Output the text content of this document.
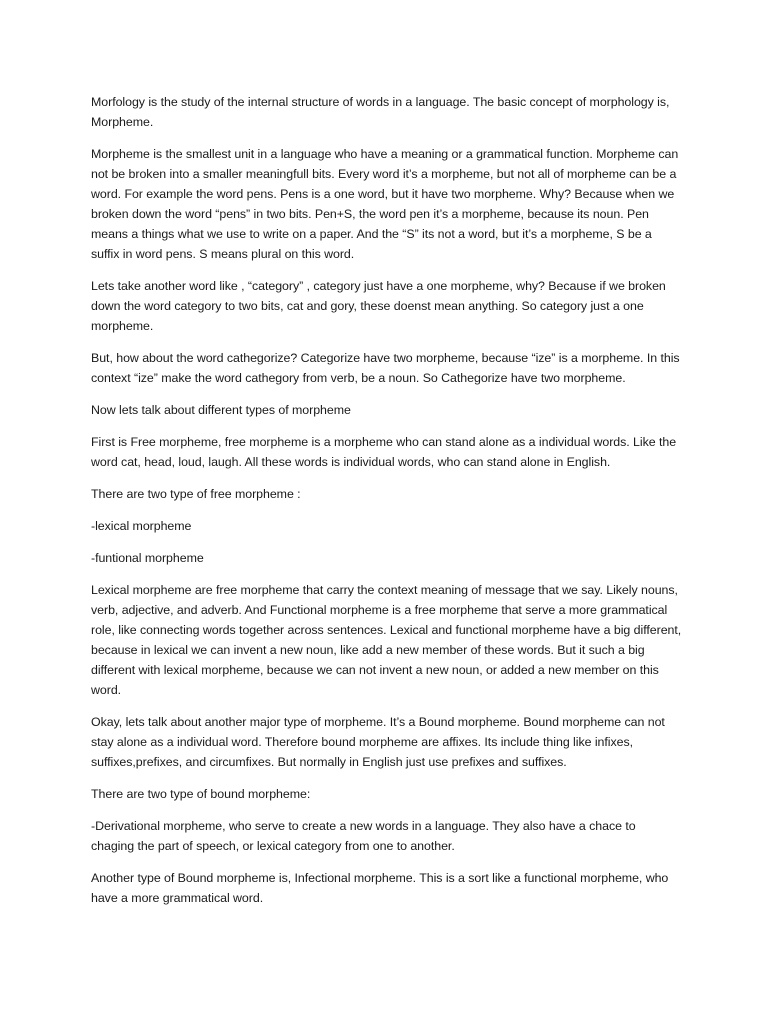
Morfology is the study of the internal structure of words in a language. The basic concept of morphology is, Morpheme.

Morpheme is the smallest unit in a language who have a meaning or a grammatical function. Morpheme can not be broken into a smaller meaningfull bits. Every word it’s a morpheme, but not all of morpheme can be a word. For example the word pens. Pens is a one word, but it have two morpheme. Why? Because when we broken down the word “pens” in two bits. Pen+S, the word pen it’s a morpheme, because its noun. Pen means a things what we use to write on a paper. And the “S” its not a word, but it’s a morpheme, S be a suffix in word pens. S means plural on this word.

Lets take another word like , “category” , category just have a one morpheme, why? Because if we broken down the word category to two bits, cat and gory, these doenst mean anything. So category just a one morpheme.

But, how about the word cathegorize? Categorize have two morpheme, because “ize” is a morpheme. In this context “ize” make the word cathegory from verb, be a noun. So Cathegorize have two morpheme.

Now lets talk about different types of morpheme

First is Free morpheme, free morpheme is a morpheme who can stand alone as a individual words. Like the word cat, head, loud, laugh. All these words is individual words, who can stand alone in English.

There are two type of free morpheme :

-lexical morpheme

-funtional morpheme

Lexical morpheme are free morpheme that carry the context meaning of message that we say. Likely nouns, verb, adjective, and adverb. And Functional morpheme is a free morpheme that serve a more grammatical role, like connecting words together across sentences. Lexical and functional morpheme have a big different, because in lexical we can invent a new noun, like add a new member of these words. But it such a big different with lexical morpheme, because we can not invent a new noun, or added a new member on this word.

Okay, lets talk about another major type of morpheme. It’s a Bound morpheme. Bound morpheme can not stay alone as a individual word. Therefore bound morpheme are affixes. Its include thing like infixes, suffixes,prefixes, and circumfixes. But normally in English just use prefixes and suffixes.

There are two type of bound morpheme:

-Derivational morpheme, who serve to create a new words in a language. They also have a chace to chaging the part of speech, or lexical category from one to another.

Another type of Bound morpheme is, Infectional morpheme. This is a sort like a functional morpheme, who have a more grammatical word.
